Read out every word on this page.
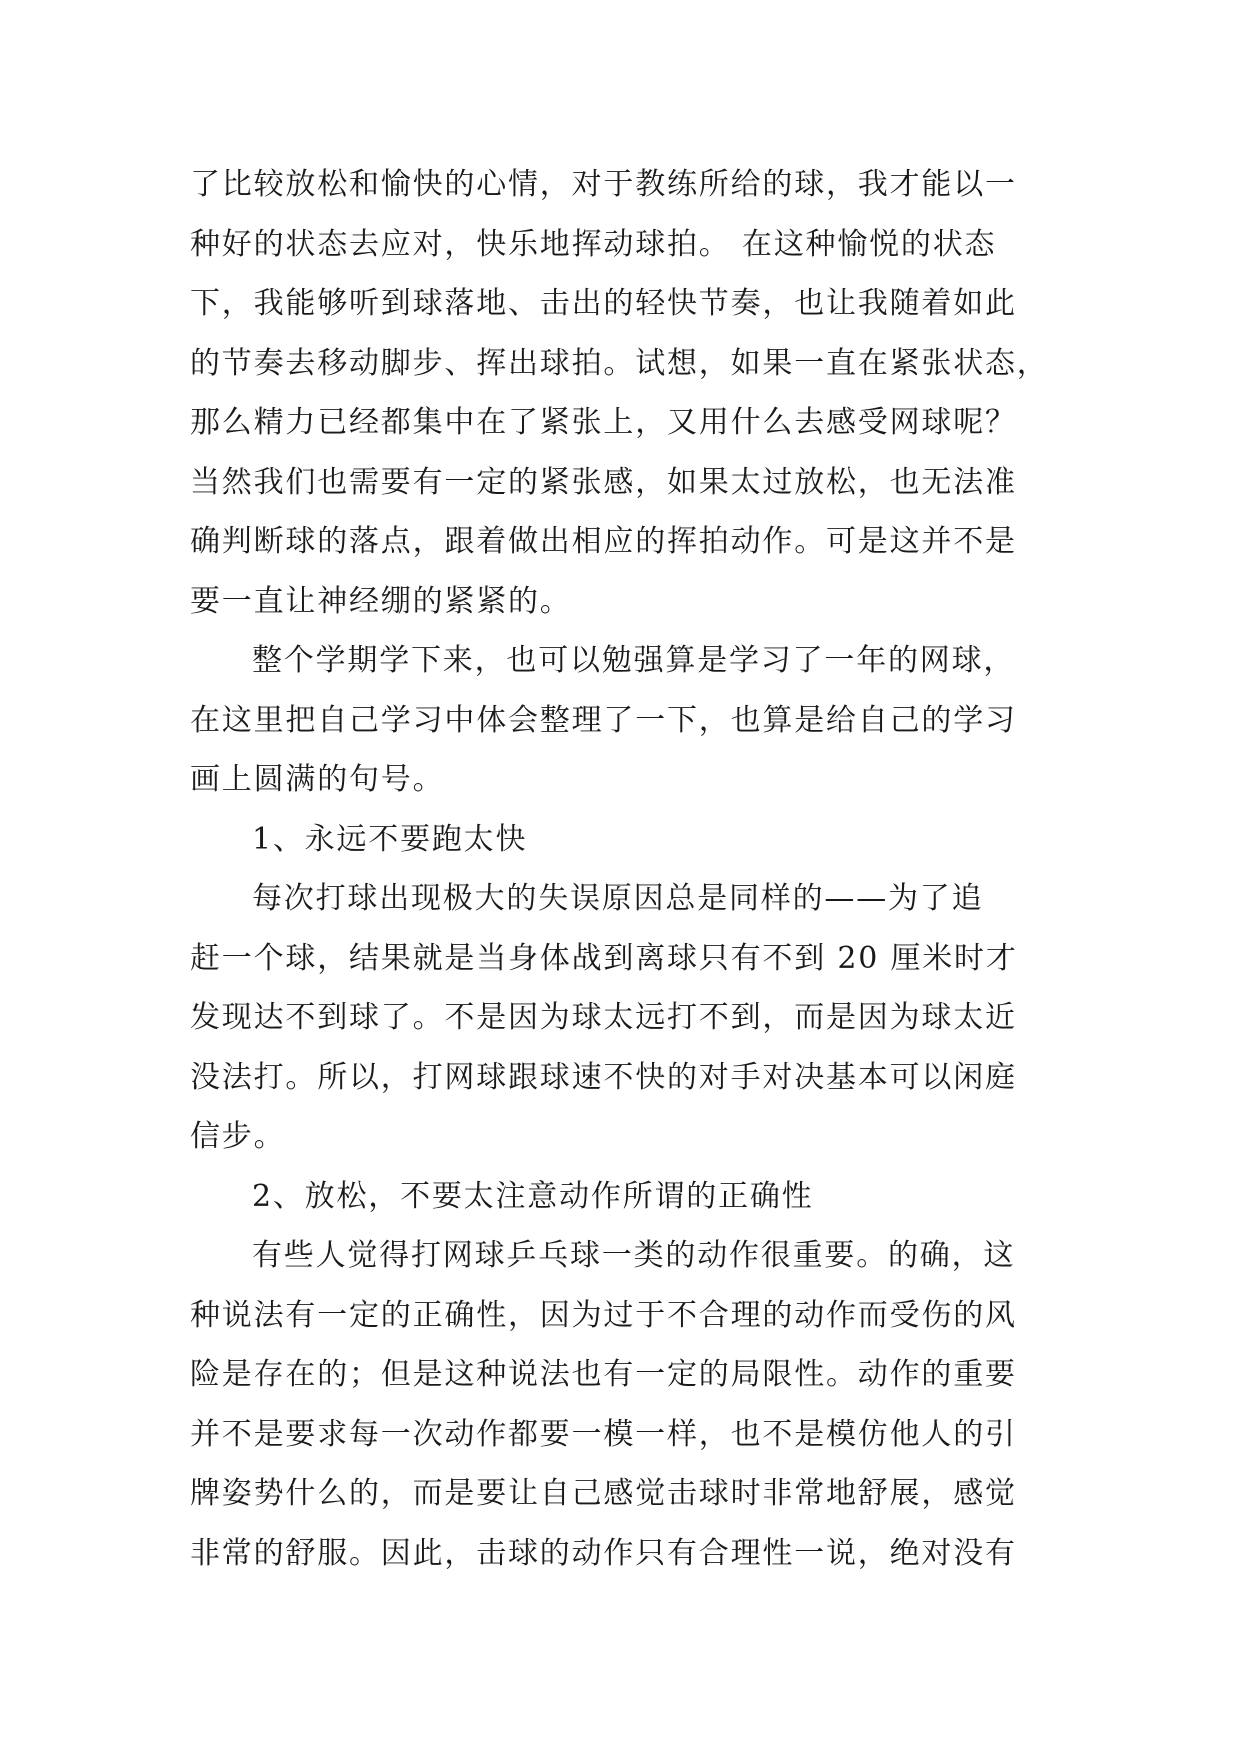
了比较放松和愉快的心情，对于教练所给的球，我才能以一
种好的状态去应对，快乐地挥动球拍。 在这种愉悦的状态
下，我能够听到球落地、击出的轻快节奏，也让我随着如此
的节奏去移动脚步、挥出球拍。试想，如果一直在紧张状态，
那么精力已经都集中在了紧张上，又用什么去感受网球呢？
当然我们也需要有一定的紧张感，如果太过放松，也无法准
确判断球的落点，跟着做出相应的挥拍动作。可是这并不是
要一直让神经绷的紧紧的。
整个学期学下来，也可以勉强算是学习了一年的网球，
在这里把自己学习中体会整理了一下，也算是给自己的学习
画上圆满的句号。
1、永远不要跑太快
每次打球出现极大的失误原因总是同样的——为了追
赶一个球，结果就是当身体战到离球只有不到 20 厘米时才
发现达不到球了。不是因为球太远打不到，而是因为球太近
没法打。所以，打网球跟球速不快的对手对决基本可以闲庭
信步。
2、放松，不要太注意动作所谓的正确性
有些人觉得打网球乒乓球一类的动作很重要。的确，这
种说法有一定的正确性，因为过于不合理的动作而受伤的风
险是存在的；但是这种说法也有一定的局限性。动作的重要
并不是要求每一次动作都要一模一样，也不是模仿他人的引
牌姿势什么的，而是要让自己感觉击球时非常地舒展，感觉
非常的舒服。因此，击球的动作只有合理性一说，绝对没有
